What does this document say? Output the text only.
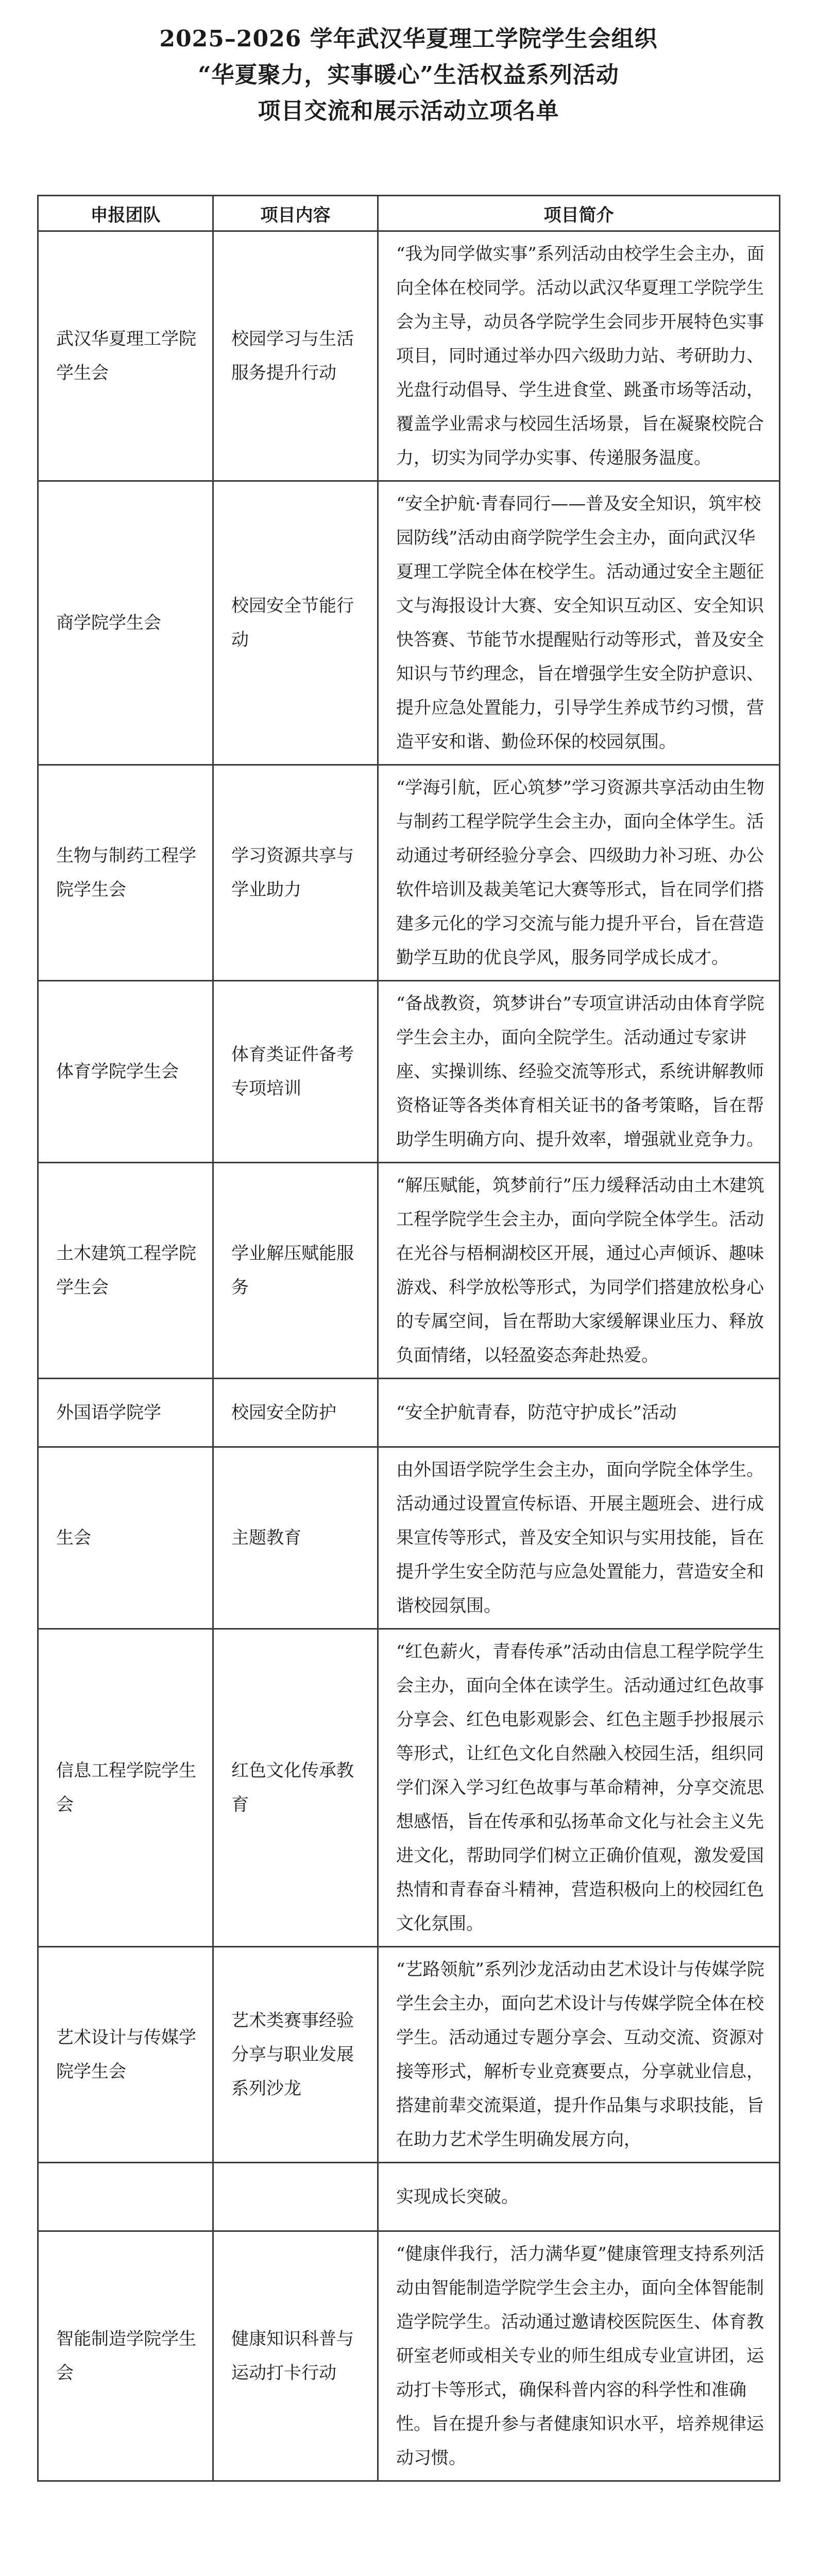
2025–2026 学年武汉华夏理工学院学生会组织
“华夏聚力，实事暖心”生活权益系列活动
项目交流和展示活动立项名单
申报团队	项目内容	项目简介
武汉华夏理工学院学生会	校园学习与生活服务提升行动	“我为同学做实事”系列活动由校学生会主办，面向全体在校同学。活动以武汉华夏理工学院学生会为主导，动员各学院学生会同步开展特色实事项目，同时通过举办四六级助力站、考研助力、光盘行动倡导、学生进食堂、跳蚤市场等活动，覆盖学业需求与校园生活场景，旨在凝聚校院合力，切实为同学办实事、传递服务温度。
商学院学生会	校园安全节能行动	“安全护航·青春同行——普及安全知识，筑牢校园防线”活动由商学院学生会主办，面向武汉华夏理工学院全体在校学生。活动通过安全主题征文与海报设计大赛、安全知识互动区、安全知识快答赛、节能节水提醒贴行动等形式，普及安全知识与节约理念，旨在增强学生安全防护意识、提升应急处置能力，引导学生养成节约习惯，营造平安和谐、勤俭环保的校园氛围。
生物与制药工程学院学生会	学习资源共享与学业助力	“学海引航，匠心筑梦”学习资源共享活动由生物与制药工程学院学生会主办，面向全体学生。活动通过考研经验分享会、四级助力补习班、办公软件培训及裁美笔记大赛等形式，旨在同学们搭建多元化的学习交流与能力提升平台，旨在营造勤学互助的优良学风，服务同学成长成才。
体育学院学生会	体育类证件备考专项培训	“备战教资，筑梦讲台”专项宣讲活动由体育学院学生会主办，面向全院学生。活动通过专家讲座、实操训练、经验交流等形式，系统讲解教师资格证等各类体育相关证书的备考策略，旨在帮助学生明确方向、提升效率，增强就业竞争力。
土木建筑工程学院学生会	学业解压赋能服务	“解压赋能，筑梦前行”压力缓释活动由土木建筑工程学院学生会主办，面向学院全体学生。活动在光谷与梧桐湖校区开展，通过心声倾诉、趣味游戏、科学放松等形式，为同学们搭建放松身心的专属空间，旨在帮助大家缓解课业压力、释放负面情绪，以轻盈姿态奔赴热爱。
外国语学院学	校园安全防护	“安全护航青春，防范守护成长”活动
生会	主题教育	由外国语学院学生会主办，面向学院全体学生。活动通过设置宣传标语、开展主题班会、进行成果宣传等形式，普及安全知识与实用技能，旨在提升学生安全防范与应急处置能力，营造安全和谐校园氛围。
信息工程学院学生会	红色文化传承教育	“红色薪火，青春传承”活动由信息工程学院学生会主办，面向全体在读学生。活动通过红色故事分享会、红色电影观影会、红色主题手抄报展示等形式，让红色文化自然融入校园生活，组织同学们深入学习红色故事与革命精神，分享交流思想感悟，旨在传承和弘扬革命文化与社会主义先进文化，帮助同学们树立正确价值观，激发爱国热情和青春奋斗精神，营造积极向上的校园红色文化氛围。
艺术设计与传媒学院学生会	艺术类赛事经验分享与职业发展系列沙龙	“艺路领航”系列沙龙活动由艺术设计与传媒学院学生会主办，面向艺术设计与传媒学院全体在校学生。活动通过专题分享会、互动交流、资源对接等形式，解析专业竞赛要点，分享就业信息，搭建前辈交流渠道，提升作品集与求职技能，旨在助力艺术学生明确发展方向，
		实现成长突破。
智能制造学院学生会	健康知识科普与运动打卡行动	“健康伴我行，活力满华夏”健康管理支持系列活动由智能制造学院学生会主办，面向全体智能制造学院学生。活动通过邀请校医院医生、体育教研室老师或相关专业的师生组成专业宣讲团，运动打卡等形式，确保科普内容的科学性和准确性。旨在提升参与者健康知识水平，培养规律运动习惯。
